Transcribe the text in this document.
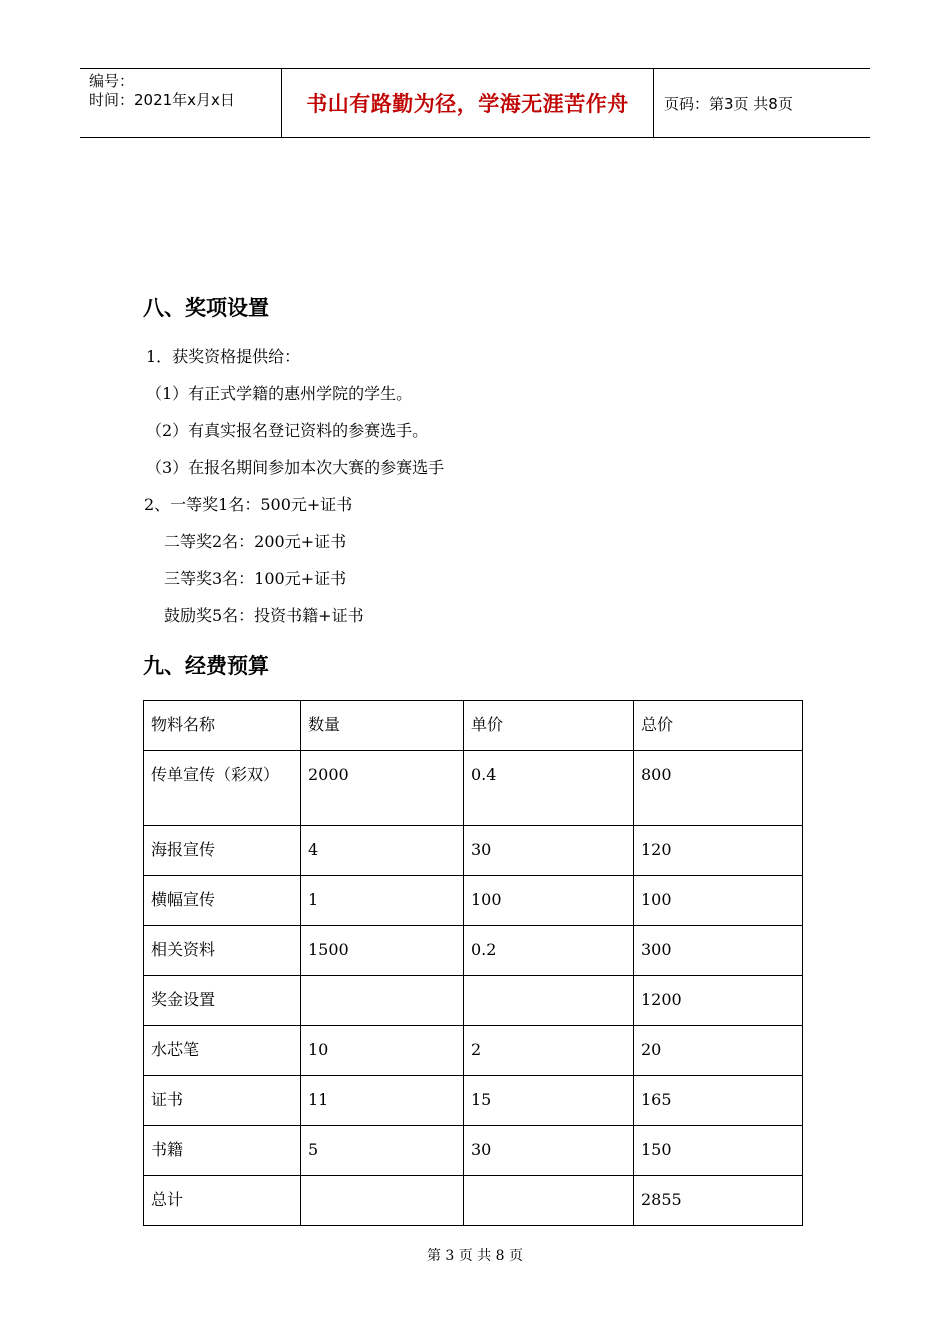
编号：
时间：2021年x月x日	书山有路勤为径，学海无涯苦作舟	页码：第3页 共8页
八、奖项设置
1．获奖资格提供给：
（1）有正式学籍的惠州学院的学生。
（2）有真实报名登记资料的参赛选手。
（3）在报名期间参加本次大赛的参赛选手
2、一等奖1名：500元+证书
二等奖2名：200元+证书
三等奖3名：100元+证书
鼓励奖5名：投资书籍+证书
九、经费预算
物料名称	数量	单价	总价
传单宣传（彩双）	2000	0.4	800
海报宣传	4	30	120
横幅宣传	1	100	100
相关资料	1500	0.2	300
奖金设置			1200
水芯笔	10	2	20
证书	11	15	165
书籍	5	30	150
总计			2855
第 3 页 共 8 页
